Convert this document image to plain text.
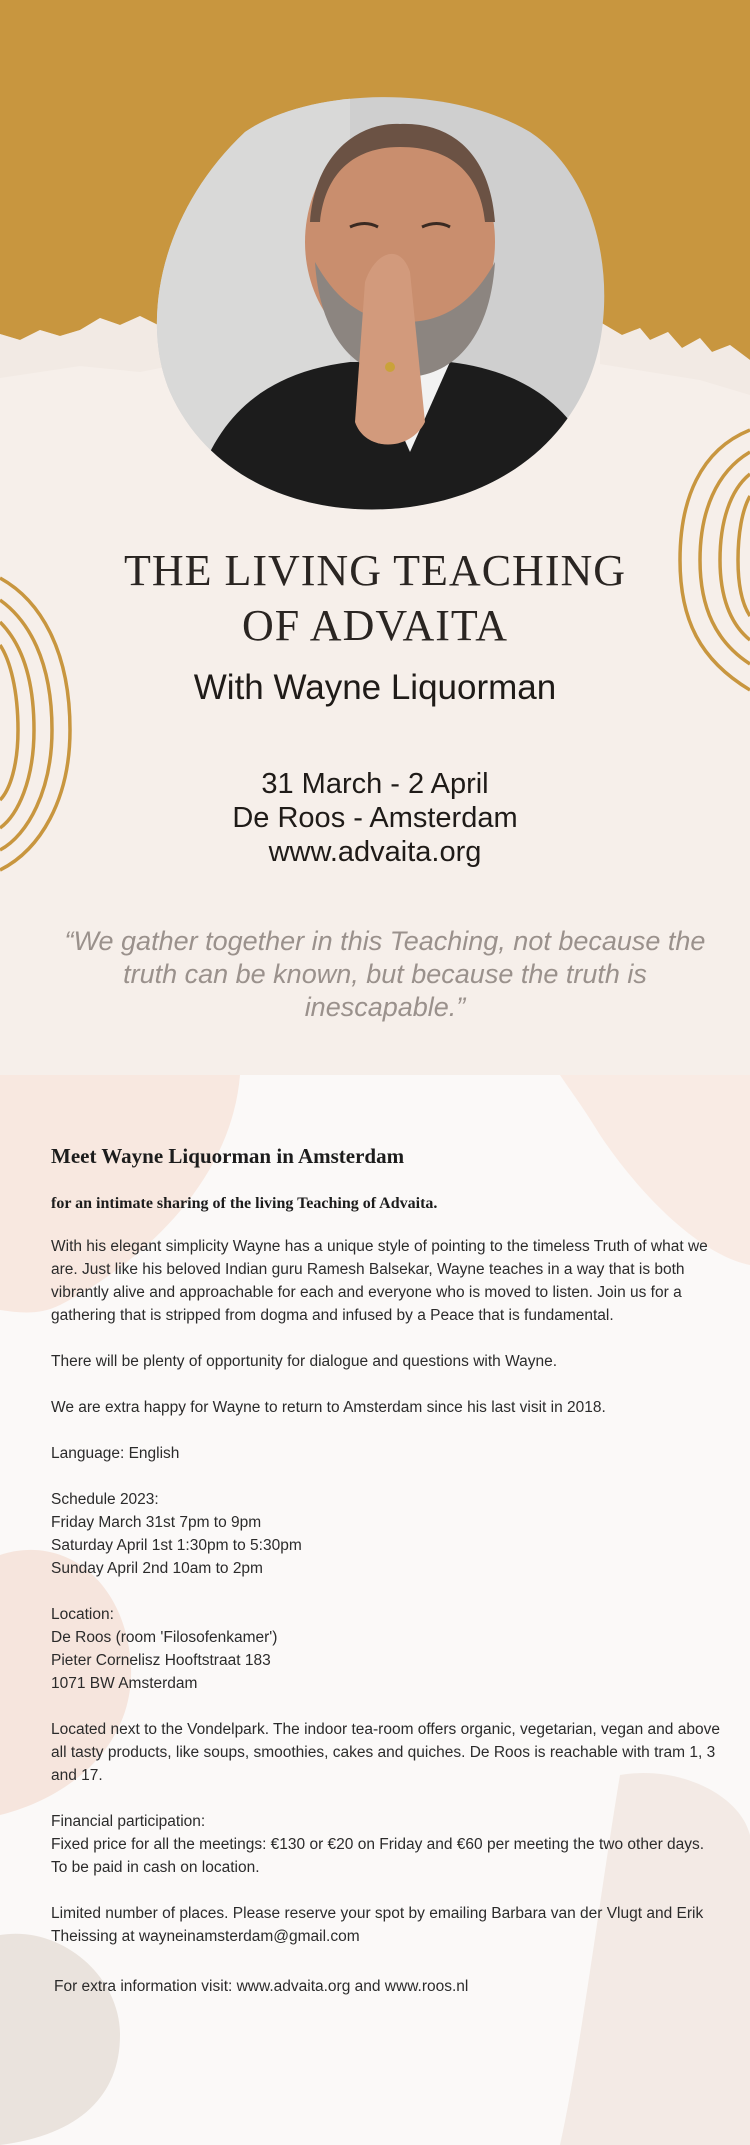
THE LIVING TEACHING
OF ADVAITA
With Wayne Liquorman
31 March - 2 April
De Roos - Amsterdam
www.advaita.org
“We gather together in this Teaching, not because the truth can be known, but because the truth is inescapable.”
Meet Wayne Liquorman in Amsterdam
for an intimate sharing of the living Teaching of Advaita.

With his elegant simplicity Wayne has a unique style of pointing to the timeless Truth of what we are. Just like his beloved Indian guru Ramesh Balsekar, Wayne teaches in a way that is both vibrantly alive and approachable for each and everyone who is moved to listen. Join us for a gathering that is stripped from dogma and infused by a Peace that is fundamental.

There will be plenty of opportunity for dialogue and questions with Wayne.

We are extra happy for Wayne to return to Amsterdam since his last visit in 2018.

Language: English

Schedule 2023:
Friday March 31st 7pm to 9pm
Saturday April 1st 1:30pm to 5:30pm
Sunday April 2nd 10am to 2pm

Location:
De Roos (room 'Filosofenkamer')
Pieter Cornelisz Hooftstraat 183
1071 BW Amsterdam

Located next to the Vondelpark. The indoor tea-room offers organic, vegetarian, vegan and above all tasty products, like soups, smoothies, cakes and quiches. De Roos is reachable with tram 1, 3 and 17.

Financial participation:
Fixed price for all the meetings: €130 or €20 on Friday and €60 per meeting the two other days.
To be paid in cash on location.

Limited number of places. Please reserve your spot by emailing Barbara van der Vlugt and Erik Theissing at wayneinamsterdam@gmail.com

For extra information visit: www.advaita.org and www.roos.nl
